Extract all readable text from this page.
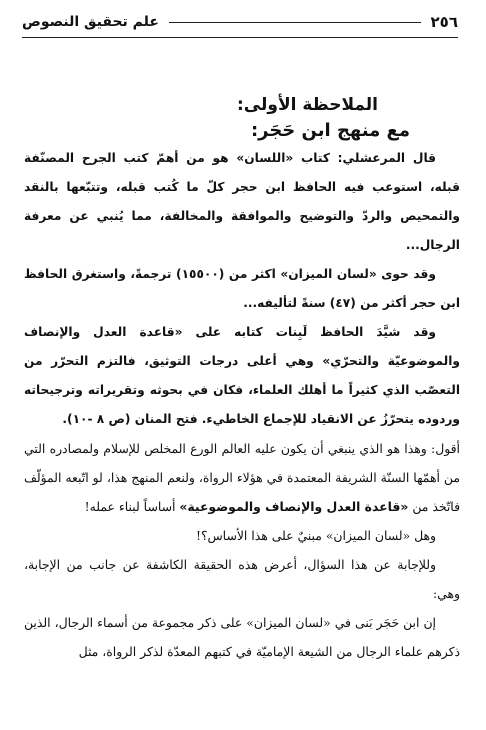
٢٥٦
علم تحقيق النصوص
الملاحظة الأولى:
مع منهج ابن حَجَر:

قال المرعشلي: كتاب «اللسان» هو من أهمّ كتب الجرح المصنّفة قبله، استوعب فيه الحافظ ابن حجر كلّ ما كُتب قبله، وتتبّعها بالنقد والتمحيص والردّ والتوضيح والموافقة والمخالفة، مما يُنبي عن معرفة الرجال...

وقد حوى «لسان الميزان» اكثر من (١٥٥٠٠) ترجمةً، واستغرق الحافظ ابن حجر أكثر من (٤٧) سنةً لتأليفه...

وقد شيَّدَ الحافظ لَبِنات كتابه على «قاعدة العدل والإنصاف والموضوعيّة والتحرّي» وهي أعلى درجات التوثيق، فالتزم التحرّر من التعصّب الذي كثيراً ما أهلك العلماء، فكان في بحوثه وتقريراته وترجيحاته وردوده يتحرّزُ عن الانقياد للإجماع الخاطيء. فتح المنان (ص ٨ -١٠).

أقول: وهذا هو الذي ينبغي أن يكون عليه العالم الورع المخلص للإسلام ولمصادره التي من أهمّها السنّة الشريفة المعتمدة في هؤلاء الرواة، ولنعم المنهج هذا، لو اتّبعه المؤلّف فاتّخذ من «قاعدة العدل والإنصاف والموضوعية» أساساً لبناء عمله!

وهل «لسان الميزان» مبنيٌ على هذا الأساس؟!

وللإجابة عن هذا السؤال، أعرض هذه الحقيقة الكاشفة عن جانب من الإجابة، وهي:

إن ابن حَجَر بَنى في «لسان الميزان» على ذكر مجموعة من أسماء الرجال، الذين ذكرهم علماء الرجال من الشيعة الإماميّة في كتبهم المعدّة لذكر الرواة، مثل
